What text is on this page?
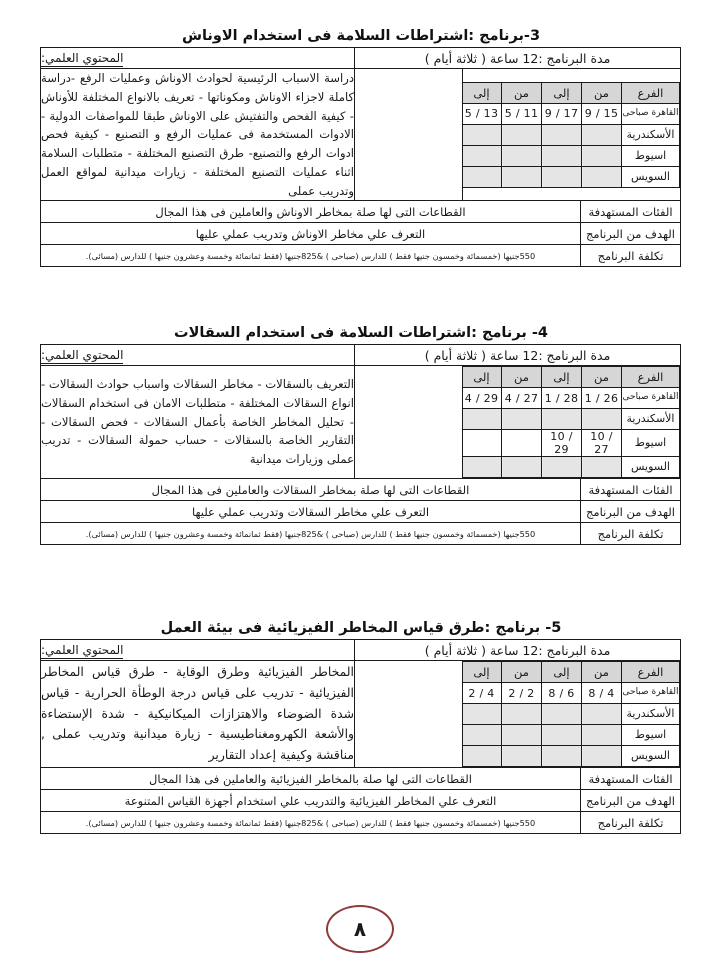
3-برنامج :اشتراطات السلامة فى استخدام الاوناش
مدة البرنامج :12 ساعة ( ثلاثة أيام )	المحتوي العلمي:

الفرع	من	إلى	من	إلى
القاهرة صباحى	9 / 15	9 / 17	5 / 11	5 / 13
الأسكندرية				
اسيوط				
السويس				
		دراسة الاسباب الرئيسية لحوادث الاوناش وعمليات الرفع -دراسة كاملة لاجزاء الاوناش ومكوناتها - تعريف بالانواع المختلفة للأوناش - كيفية الفحص والتفتيش على الاوناش طبقا للمواصفات الدولية - الادوات المستخدمة فى عمليات الرفع و التصنيع - كيفية فحص ادوات الرفع والتصنيع- طرق التصنيع المختلفة - متطلبات السلامة اثناء عمليات التصنيع المختلفة - زيارات ميدانية لمواقع العمل وتدريب عملى
الفئات المستهدفة	القطاعات التى لها صلة بمخاطر الاوناش والعاملين فى هذا المجال
الهدف من البرنامج	التعرف علي مخاطر الاوناش وتدريب عملي عليها
تكلفة البرنامج	550جنيها (خمسمائة وخمسون جنيها فقط ) للدارس (صباحى ) &825جنيها (فقط ثمانمائة وخمسة وعشرون جنيها ) للدارس (مسائى).
4- برنامج :اشتراطات السلامة فى استخدام السقالات
مدة البرنامج :12 ساعة ( ثلاثة أيام )	المحتوي العلمي:

الفرع	من	إلى	من	إلى
القاهرة صباحى	1 / 26	1 / 28	4 / 27	4 / 29
الأسكندرية				
اسيوط	10 / 27	10 / 29		
السويس				
		التعريف بالسقالات - مخاطر السقالات واسباب حوادث السقالات - انواع السقالات المختلفة - متطلبات الامان فى استخدام السقالات - تحليل المخاطر الخاصة بأعمال السقالات - فحص السقالات - التقارير الخاصة بالسقالات - حساب حمولة السقالات - تدريب عملى وزيارات ميدانية
الفئات المستهدفة	القطاعات التى لها صلة بمخاطر السقالات والعاملين فى هذا المجال
الهدف من البرنامج	التعرف علي مخاطر السقالات وتدريب عملي عليها
تكلفة البرنامج	550جنيها (خمسمائة وخمسون جنيها فقط ) للدارس (صباحى ) &825جنيها (فقط ثمانمائة وخمسة وعشرون جنيها ) للدارس (مسائى).
5- برنامج :طرق قياس المخاطر الفيزيائية فى بيئة العمل
مدة البرنامج :12 ساعة ( ثلاثة أيام )	المحتوي العلمي:

الفرع	من	إلى	من	إلى
القاهرة صباحى	8 / 4	8 / 6	2 / 2	2 / 4
الأسكندرية				
اسيوط				
السويس				
		المخاطر الفيزيائية وطرق الوقاية - طرق قياس المخاطر الفيزيائية - تدريب على قياس درجة الوطأة الحرارية - قياس شدة الضوضاء والاهتزازات الميكانيكية - شدة الإستضاءة والأشعة الكهرومغناطيسية - زيارة ميدانية وتدريب عملى , مناقشة وكيفية إعداد التقارير
الفئات المستهدفة	القطاعات التى لها صلة بالمخاطر الفيزيائية والعاملين فى هذا المجال
الهدف من البرنامج	التعرف علي المخاطر الفيزيائية والتدريب علي استخدام أجهزة القياس المتنوعة
تكلفة البرنامج	550جنيها (خمسمائة وخمسون جنيها فقط ) للدارس (صباحى ) &825جنيها (فقط ثمانمائة وخمسة وعشرون جنيها ) للدارس (مسائى).
٨
